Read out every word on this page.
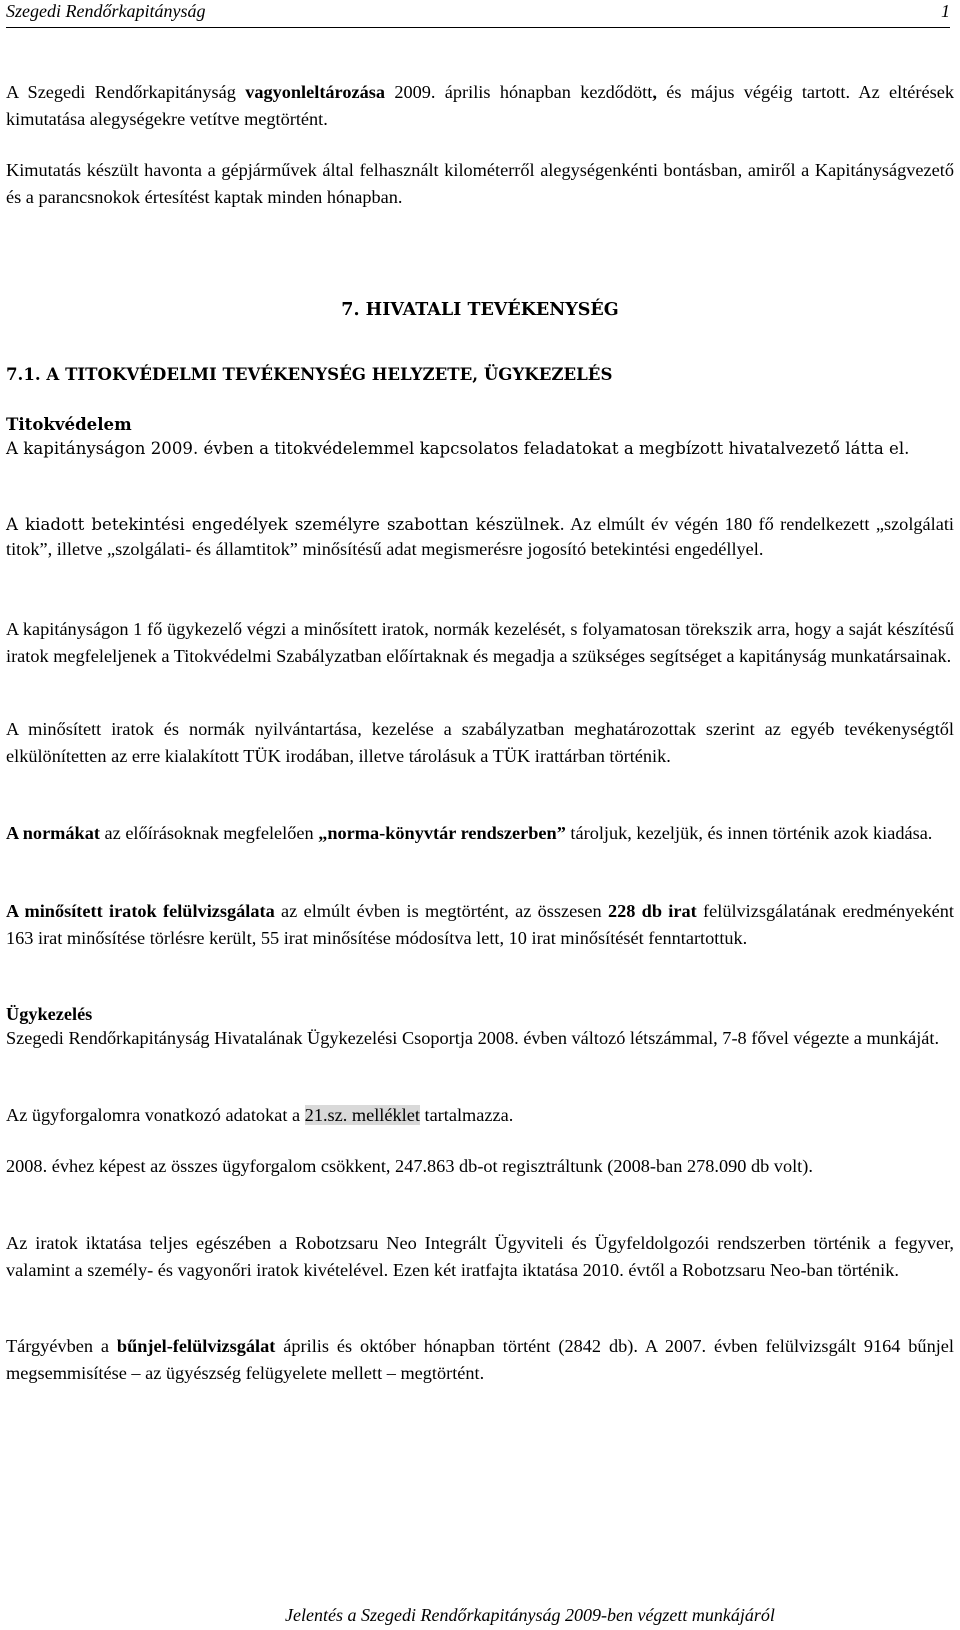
Szegedi Rendőrkapitányság	1
A Szegedi Rendőrkapitányság vagyonleltározása 2009. április hónapban kezdődött, és május végéig tartott. Az eltérések kimutatása alegységekre vetítve megtörtént.
Kimutatás készült havonta a gépjárművek által felhasznált kilométerről alegységenkénti bontásban, amiről a Kapitányságvezető és a parancsnokok értesítést kaptak minden hónapban.
7. HIVATALI TEVÉKENYSÉG
7.1. A TITOKVÉDELMI TEVÉKENYSÉG HELYZETE, ÜGYKEZELÉS
Titokvédelem
A kapitányságon 2009. évben a titokvédelemmel kapcsolatos feladatokat a megbízott hivatalvezető látta el.
A kiadott betekintési engedélyek személyre szabottan készülnek. Az elmúlt év végén 180 fő rendelkezett „szolgálati titok”, illetve „szolgálati- és államtitok” minősítésű adat megismerésre jogosító betekintési engedéllyel.
A kapitányságon 1 fő ügykezelő végzi a minősített iratok, normák kezelését, s folyamatosan törekszik arra, hogy a saját készítésű iratok megfeleljenek a Titokvédelmi Szabályzatban előírtaknak és megadja a szükséges segítséget a kapitányság munkatársainak.
A minősített iratok és normák nyilvántartása, kezelése a szabályzatban meghatározottak szerint az egyéb tevékenységtől elkülönítetten az erre kialakított TÜK irodában, illetve tárolásuk a TÜK irattárban történik.
A normákat az előírásoknak megfelelően „norma-könyvtár rendszerben” tároljuk, kezeljük, és innen történik azok kiadása.
A minősített iratok felülvizsgálata az elmúlt évben is megtörtént, az összesen 228 db irat felülvizsgálatának eredményeként 163 irat minősítése törlésre került, 55 irat minősítése módosítva lett, 10 irat minősítését fenntartottuk.
Ügykezelés
Szegedi Rendőrkapitányság Hivatalának Ügykezelési Csoportja 2008. évben változó létszámmal, 7-8 fővel végezte a munkáját.
Az ügyforgalomra vonatkozó adatokat a 21.sz. melléklet tartalmazza.
2008. évhez képest az összes ügyforgalom csökkent, 247.863 db-ot regisztráltunk (2008-ban 278.090 db volt).
Az iratok iktatása teljes egészében a Robotzsaru Neo Integrált Ügyviteli és Ügyfeldolgozói rendszerben történik a fegyver, valamint a személy- és vagyonőri iratok kivételével. Ezen két iratfajta iktatása 2010. évtől a Robotzsaru Neo-ban történik.
Tárgyévben a bűnjel-felülvizsgálat április és október hónapban történt (2842 db). A 2007. évben felülvizsgált 9164 bűnjel megsemmisítése – az ügyészség felügyelete mellett – megtörtént.
Jelentés a Szegedi Rendőrkapitányság 2009-ben végzett munkájáról
